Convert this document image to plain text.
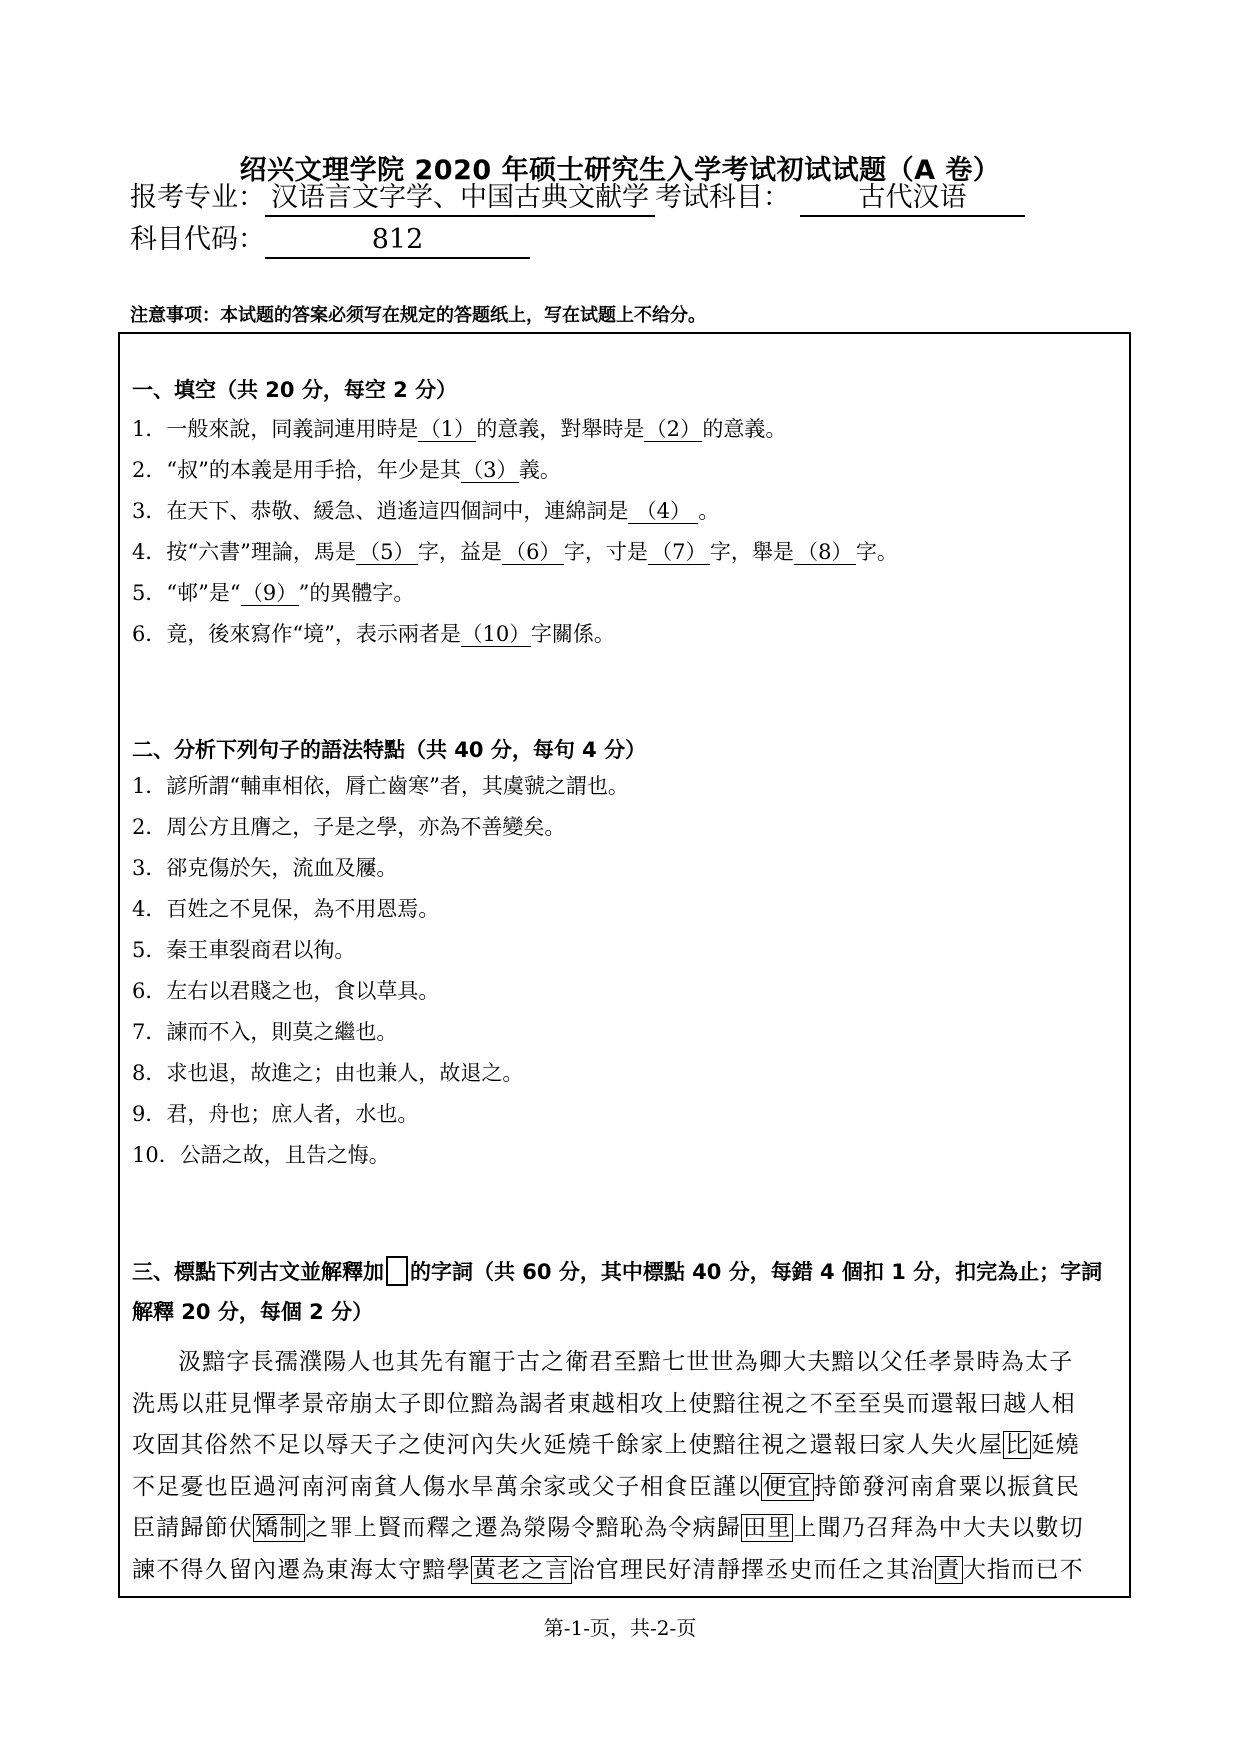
绍兴文理学院 2020 年硕士研究生入学考试初试试题（A 卷）
报考专业： 汉语言文字学、中国古典文献学 考试科目：	古代汉语
科目代码：	812
注意事项：本试题的答案必须写在规定的答题纸上，写在试题上不给分。
一、填空（共 20 分，每空 2 分）
1．一般來說，同義詞連用時是（1）的意義，對舉時是（2）的意義。
2．“叔”的本義是用手拾，年少是其（3）義。
3．在天下、恭敬、緩急、逍遙這四個詞中，連綿詞是 （4） 。
4．按“六書”理論，馬是 （5） 字，益是 （6） 字，寸是 （7） 字，舉是 （8） 字。
5．“邨”是“（9）”的異體字。
6．竟，後來寫作“境”，表示兩者是（10）字關係。
二、分析下列句子的語法特點（共 40 分，每句 4 分）
1．諺所謂“輔車相依，脣亡齒寒”者，其虞虢之謂也。
2．周公方且膺之，子是之學，亦為不善變矣。
3．郤克傷於矢，流血及屨。
4．百姓之不見保，為不用恩焉。
5．秦王車裂商君以徇。
6．左右以君賤之也，食以草具。
7．諫而不入，則莫之繼也。
8．求也退，故進之；由也兼人，故退之。
9．君，舟也；庶人者，水也。
10．公語之故，且告之悔。
三、標點下列古文並解釋加 的字詞（共 60 分，其中標點 40 分，每錯 4 個扣 1 分，扣完為止；字詞解釋 20 分，每個 2 分）
汲黯字長孺濮陽人也其先有寵于古之衛君至黯七世世為卿大夫黯以父任孝景時為太子
洗馬以莊見憚孝景帝崩太子即位黯為謁者東越相攻上使黯往視之不至至吳而還報曰越人相
攻固其俗然不足以辱天子之使河內失火延燒千餘家上使黯往視之還報曰家人失火屋比延燒
不足憂也臣過河南河南貧人傷水旱萬余家或父子相食臣謹以便宜持節發河南倉粟以振貧民
臣請歸節伏矯制之罪上賢而釋之遷為滎陽令黯恥為令病歸田里上聞乃召拜為中大夫以數切
諫不得久留內遷為東海太守黯學黃老之言治官理民好清靜擇丞史而任之其治責大指而已不
第-1-页，共-2-页
